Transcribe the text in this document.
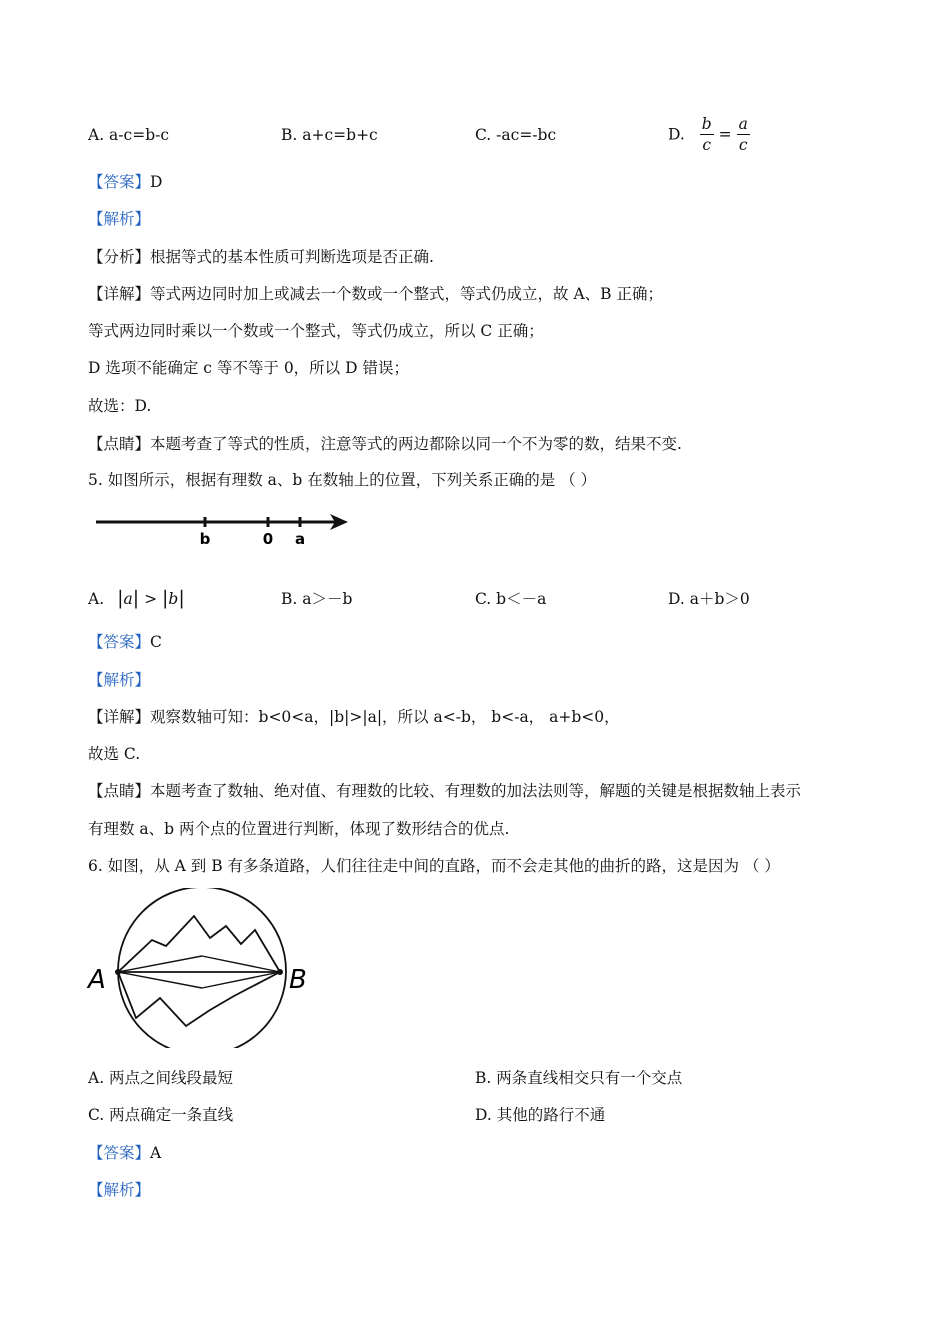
A. a-c=b-c	B. a+c=b+c	C. -ac=-bc	D. $\frac{b}{c} = \frac{a}{c}$
【答案】D
【解析】
【分析】根据等式的基本性质可判断选项是否正确.
【详解】等式两边同时加上或减去一个数或一个整式，等式仍成立，故 A、B 正确；
等式两边同时乘以一个数或一个整式，等式仍成立，所以 C 正确；
D 选项不能确定 c 等不等于 0，所以 D 错误；
故选：D.
【点睛】本题考查了等式的性质，注意等式的两边都除以同一个不为零的数，结果不变.
5. 如图所示，根据有理数 a、b 在数轴上的位置，下列关系正确的是 （ ）
b	0 a
A. |a| > |b|	B. a＞－b	C. b＜－a	D. a＋b＞0
【答案】C
【解析】
【详解】观察数轴可知：b<0<a，|b|>|a|，所以 a<-b， b<-a， a+b<0，
故选 C.
【点睛】本题考查了数轴、绝对值、有理数的比较、有理数的加法法则等，解题的关键是根据数轴上表示
有理数 a、b 两个点的位置进行判断，体现了数形结合的优点.
6. 如图，从 A 到 B 有多条道路，人们往往走中间的直路，而不会走其他的曲折的路，这是因为 （ ）
A	B
A. 两点之间线段最短	B. 两条直线相交只有一个交点
C. 两点确定一条直线	D. 其他的路行不通
【答案】A
【解析】
